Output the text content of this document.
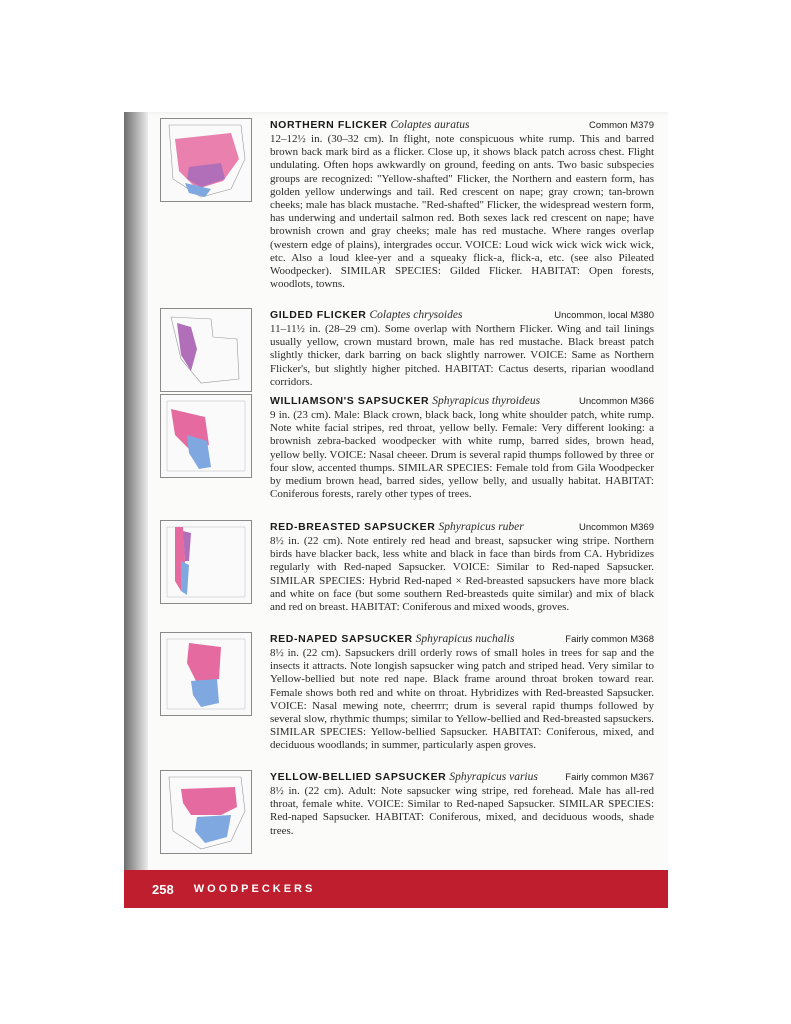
NORTHERN FLICKER Colaptes auratus	Common M379

12–12½ in. (30–32 cm). In flight, note conspicuous white rump. This and barred brown back mark bird as a flicker. Close up, it shows black patch across chest. Flight undulating. Often hops awkwardly on ground, feeding on ants. Two basic subspecies groups are recognized: "Yellow-shafted" Flicker, the Northern and eastern form, has golden yellow underwings and tail. Red crescent on nape; gray crown; tan-brown cheeks; male has black mustache. "Red-shafted" Flicker, the widespread western form, has underwing and undertail salmon red. Both sexes lack red crescent on nape; have brownish crown and gray cheeks; male has red mustache. Where ranges overlap (western edge of plains), intergrades occur. VOICE: Loud wick wick wick wick wick, etc. Also a loud klee-yer and a squeaky flick-a, flick-a, etc. (see also Pileated Woodpecker). SIMILAR SPECIES: Gilded Flicker. HABITAT: Open forests, woodlots, towns.

GILDED FLICKER Colaptes chrysoides	Uncommon, local M380

11–11½ in. (28–29 cm). Some overlap with Northern Flicker. Wing and tail linings usually yellow, crown mustard brown, male has red mustache. Black breast patch slightly thicker, dark barring on back slightly narrower. VOICE: Same as Northern Flicker's, but slightly higher pitched. HABITAT: Cactus deserts, riparian woodland corridors.

WILLIAMSON'S SAPSUCKER Sphyrapicus thyroideus	Uncommon M366

9 in. (23 cm). Male: Black crown, black back, long white shoulder patch, white rump. Note white facial stripes, red throat, yellow belly. Female: Very different looking: a brownish zebra-backed woodpecker with white rump, barred sides, brown head, yellow belly. VOICE: Nasal cheeer. Drum is several rapid thumps followed by three or four slow, accented thumps. SIMILAR SPECIES: Female told from Gila Woodpecker by medium brown head, barred sides, yellow belly, and usually habitat. HABITAT: Coniferous forests, rarely other types of trees.

RED-BREASTED SAPSUCKER Sphyrapicus ruber	Uncommon M369

8½ in. (22 cm). Note entirely red head and breast, sapsucker wing stripe. Northern birds have blacker back, less white and black in face than birds from CA. Hybridizes regularly with Red-naped Sapsucker. VOICE: Similar to Red-naped Sapsucker. SIMILAR SPECIES: Hybrid Red-naped × Red-breasted sapsuckers have more black and white on face (but some southern Red-breasteds quite similar) and mix of black and red on breast. HABITAT: Coniferous and mixed woods, groves.

RED-NAPED SAPSUCKER Sphyrapicus nuchalis	Fairly common M368

8½ in. (22 cm). Sapsuckers drill orderly rows of small holes in trees for sap and the insects it attracts. Note longish sapsucker wing patch and striped head. Very similar to Yellow-bellied but note red nape. Black frame around throat broken toward rear. Female shows both red and white on throat. Hybridizes with Red-breasted Sapsucker. VOICE: Nasal mewing note, cheerrrr; drum is several rapid thumps followed by several slow, rhythmic thumps; similar to Yellow-bellied and Red-breasted sapsuckers. SIMILAR SPECIES: Yellow-bellied Sapsucker. HABITAT: Coniferous, mixed, and deciduous woodlands; in summer, particularly aspen groves.

YELLOW-BELLIED SAPSUCKER Sphyrapicus varius	Fairly common M367

8½ in. (22 cm). Adult: Note sapsucker wing stripe, red forehead. Male has all-red throat, female white. VOICE: Similar to Red-naped Sapsucker. SIMILAR SPECIES: Red-naped Sapsucker. HABITAT: Coniferous, mixed, and deciduous woods, shade trees.

258 WOODPECKERS
